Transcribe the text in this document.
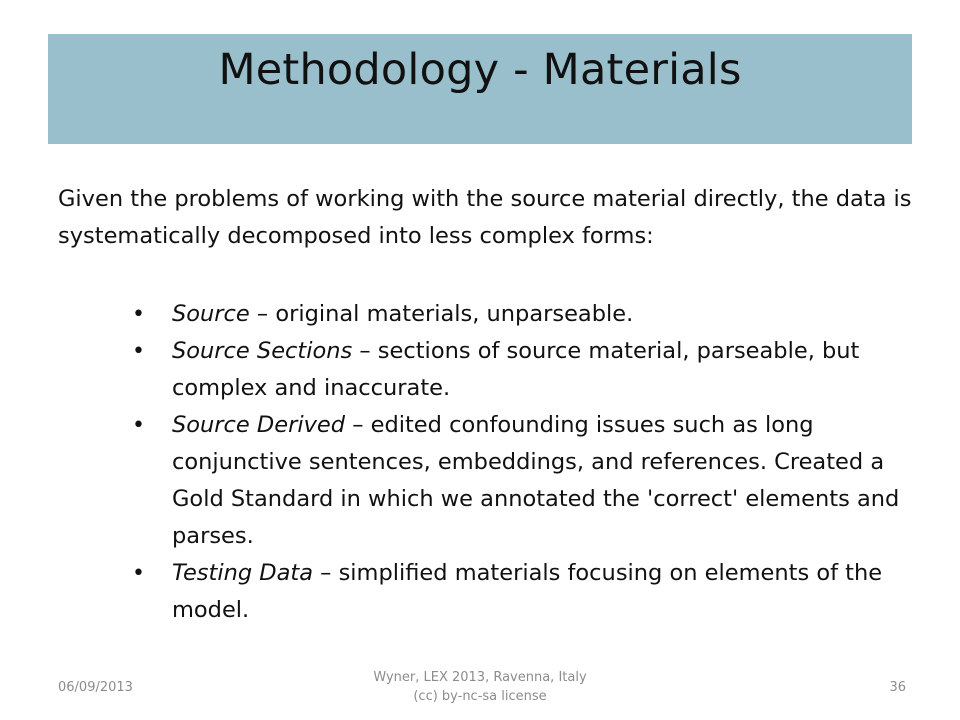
Methodology - Materials

Given the problems of working with the source material directly, the data is systematically decomposed into less complex forms:

•	Source – original materials, unparseable.
•	Source Sections – sections of source material, parseable, but complex and inaccurate.
•	Source Derived – edited confounding issues such as long conjunctive sentences, embeddings, and references. Created a Gold Standard in which we annotated the 'correct' elements and parses.
•	Testing Data – simplified materials focusing on elements of the model.
06/09/2013
Wyner, LEX 2013, Ravenna, Italy
(cc) by-nc-sa license
36
